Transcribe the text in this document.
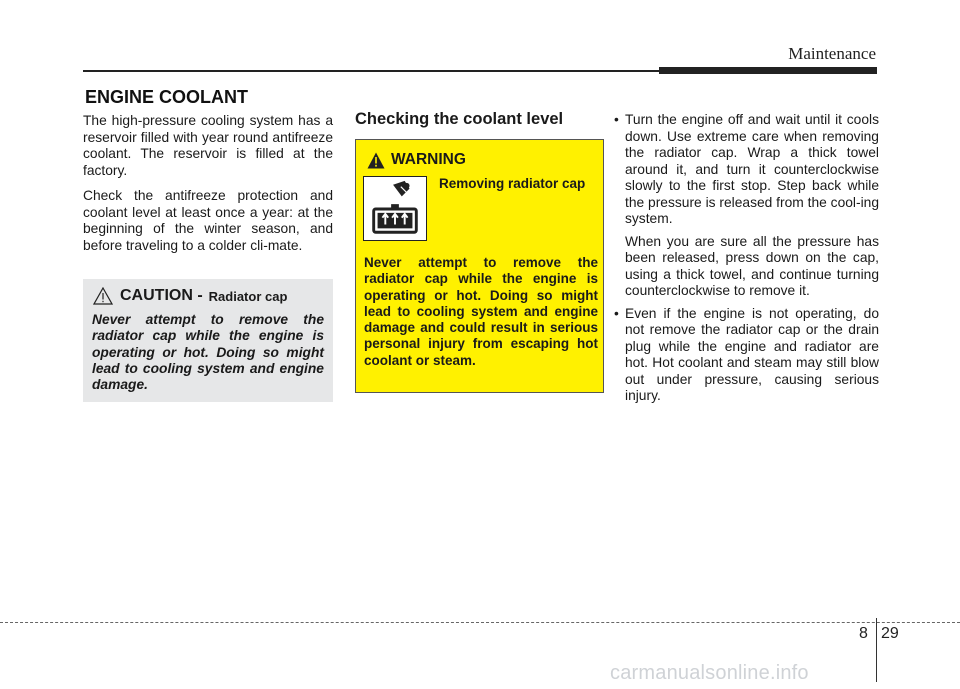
Maintenance
ENGINE COOLANT

The high-pressure cooling system has a reservoir filled with year round antifreeze coolant. The reservoir is filled at the factory.

Check the antifreeze protection and coolant level at least once a year: at the beginning of the winter season, and before traveling to a colder cli-mate.

CAUTION - Radiator cap

Never attempt to remove the radiator cap while the engine is operating or hot. Doing so might lead to cooling system and engine damage.

Checking the coolant level
WARNING
Removing radiator cap

Never attempt to remove the radiator cap while the engine is operating or hot. Doing so might lead to cooling system and engine damage and could result in serious personal injury from escaping hot coolant or steam.

• Turn the engine off and wait until it cools down. Use extreme care when removing the radiator cap. Wrap a thick towel around it, and turn it counterclockwise slowly to the first stop. Step back while the pressure is released from the cool-ing system.

When you are sure all the pressure has been released, press down on the cap, using a thick towel, and continue turning counterclockwise to remove it.

• Even if the engine is not operating, do not remove the radiator cap or the drain plug while the engine and radiator are hot. Hot coolant and steam may still blow out under pressure, causing serious injury.

8 29
carmanualsonline.info
